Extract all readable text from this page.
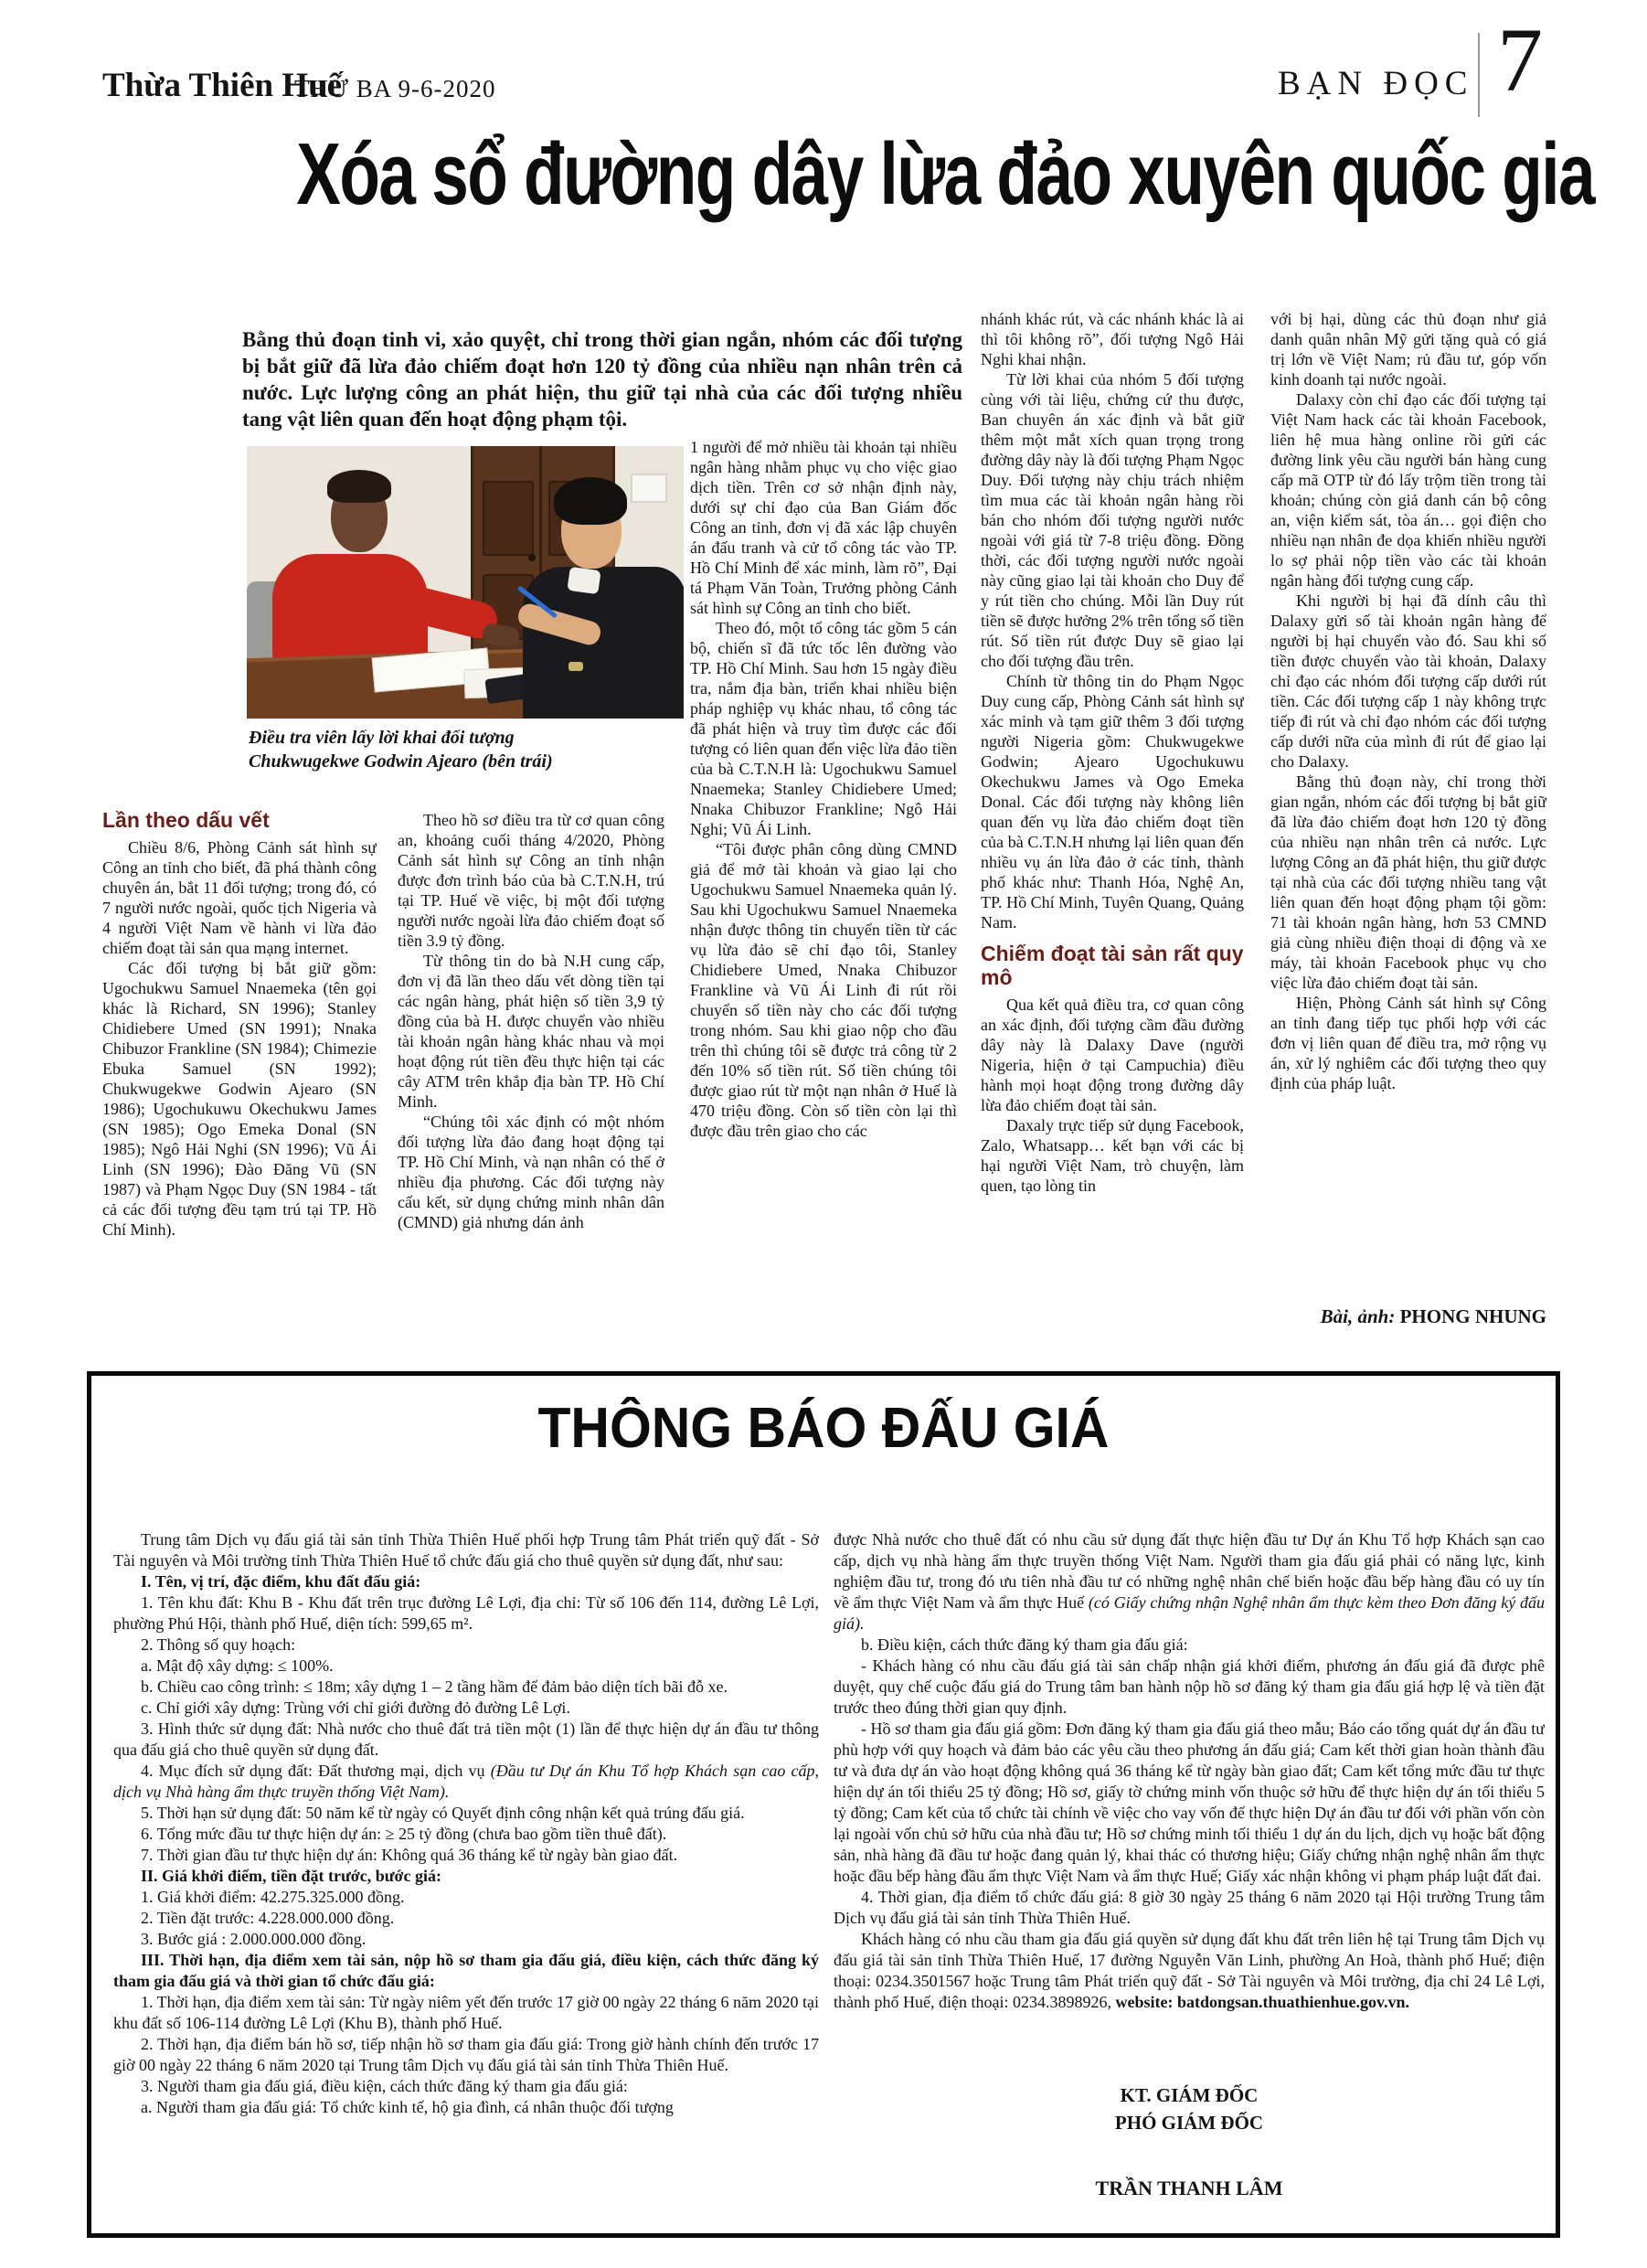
Thừa Thiên Huế
THỨ BA 9-6-2020	BẠN ĐỌC 7
Xóa sổ đường dây lừa đảo xuyên quốc gia

Bằng thủ đoạn tinh vi, xảo quyệt, chỉ trong thời gian ngắn, nhóm các đối tượng bị bắt giữ đã lừa đảo chiếm đoạt hơn 120 tỷ đồng của nhiều nạn nhân trên cả nước. Lực lượng công an phát hiện, thu giữ tại nhà của các đối tượng nhiều tang vật liên quan đến hoạt động phạm tội.

Điều tra viên lấy lời khai đối tượng
Chukwugekwe Godwin Ajearo (bên trái)
Lần theo dấu vết

Chiều 8/6, Phòng Cảnh sát hình sự Công an tỉnh cho biết, đã phá thành công chuyên án, bắt 11 đối tượng; trong đó, có 7 người nước ngoài, quốc tịch Nigeria và 4 người Việt Nam về hành vi lừa đảo chiếm đoạt tài sản qua mạng internet.

Các đối tượng bị bắt giữ gồm: Ugochukwu Samuel Nnaemeka (tên gọi khác là Richard, SN 1996); Stanley Chidiebere Umed (SN 1991); Nnaka Chibuzor Frankline (SN 1984); Chimezie Ebuka Samuel (SN 1992); Chukwugekwe Godwin Ajearo (SN 1986); Ugochukuwu Okechukwu James (SN 1985); Ogo Emeka Donal (SN 1985); Ngô Hải Nghi (SN 1996); Vũ Ái Linh (SN 1996); Đào Đăng Vũ (SN 1987) và Phạm Ngọc Duy (SN 1984 - tất cả các đối tượng đều tạm trú tại TP. Hồ Chí Minh).

Theo hồ sơ điều tra từ cơ quan công an, khoảng cuối tháng 4/2020, Phòng Cảnh sát hình sự Công an tỉnh nhận được đơn trình báo của bà C.T.N.H, trú tại TP. Huế về việc, bị một đối tượng người nước ngoài lừa đảo chiếm đoạt số tiền 3.9 tỷ đồng.

Từ thông tin do bà N.H cung cấp, đơn vị đã lần theo dấu vết dòng tiền tại các ngân hàng, phát hiện số tiền 3,9 tỷ đồng của bà H. được chuyển vào nhiều tài khoản ngân hàng khác nhau và mọi hoạt động rút tiền đều thực hiện tại các cây ATM trên khắp địa bàn TP. Hồ Chí Minh.

“Chúng tôi xác định có một nhóm đối tượng lừa đảo đang hoạt động tại TP. Hồ Chí Minh, và nạn nhân có thể ở nhiều địa phương. Các đối tượng này cấu kết, sử dụng chứng minh nhân dân (CMND) giả nhưng dán ảnh

1 người để mở nhiều tài khoản tại nhiều ngân hàng nhằm phục vụ cho việc giao dịch tiền. Trên cơ sở nhận định này, dưới sự chỉ đạo của Ban Giám đốc Công an tỉnh, đơn vị đã xác lập chuyên án đấu tranh và cử tổ công tác vào TP. Hồ Chí Minh để xác minh, làm rõ”, Đại tá Phạm Văn Toàn, Trưởng phòng Cảnh sát hình sự Công an tỉnh cho biết.

Theo đó, một tổ công tác gồm 5 cán bộ, chiến sĩ đã tức tốc lên đường vào TP. Hồ Chí Minh. Sau hơn 15 ngày điều tra, nắm địa bàn, triển khai nhiều biện pháp nghiệp vụ khác nhau, tổ công tác đã phát hiện và truy tìm được các đối tượng có liên quan đến việc lừa đảo tiền của bà C.T.N.H là: Ugochukwu Samuel Nnaemeka; Stanley Chidiebere Umed; Nnaka Chibuzor Frankline; Ngô Hải Nghi; Vũ Ái Linh.

“Tôi được phân công dùng CMND giả để mở tài khoản và giao lại cho Ugochukwu Samuel Nnaemeka quản lý. Sau khi Ugochukwu Samuel Nnaemeka nhận được thông tin chuyển tiền từ các vụ lừa đảo sẽ chỉ đạo tôi, Stanley Chidiebere Umed, Nnaka Chibuzor Frankline và Vũ Ái Linh đi rút rồi chuyển số tiền này cho các đối tượng trong nhóm. Sau khi giao nộp cho đầu trên thì chúng tôi sẽ được trả công từ 2 đến 10% số tiền rút. Số tiền chúng tôi được giao rút từ một nạn nhân ở Huế là 470 triệu đồng. Còn số tiền còn lại thì được đầu trên giao cho các

nhánh khác rút, và các nhánh khác là ai thì tôi không rõ”, đối tượng Ngô Hải Nghi khai nhận.

Từ lời khai của nhóm 5 đối tượng cùng với tài liệu, chứng cứ thu được, Ban chuyên án xác định và bắt giữ thêm một mắt xích quan trọng trong đường dây này là đối tượng Phạm Ngọc Duy. Đối tượng này chịu trách nhiệm tìm mua các tài khoản ngân hàng rồi bán cho nhóm đối tượng người nước ngoài với giá từ 7-8 triệu đồng. Đồng thời, các đối tượng người nước ngoài này cũng giao lại tài khoản cho Duy để y rút tiền cho chúng. Mỗi lần Duy rút tiền sẽ được hưởng 2% trên tổng số tiền rút. Số tiền rút được Duy sẽ giao lại cho đối tượng đầu trên.

Chính từ thông tin do Phạm Ngọc Duy cung cấp, Phòng Cảnh sát hình sự xác minh và tạm giữ thêm 3 đối tượng người Nigeria gồm: Chukwugekwe Godwin; Ajearo Ugochukuwu Okechukwu James và Ogo Emeka Donal. Các đối tượng này không liên quan đến vụ lừa đảo chiếm đoạt tiền của bà C.T.N.H nhưng lại liên quan đến nhiều vụ án lừa đảo ở các tỉnh, thành phố khác như: Thanh Hóa, Nghệ An, TP. Hồ Chí Minh, Tuyên Quang, Quảng Nam.

Chiếm đoạt tài sản rất quy mô

Qua kết quả điều tra, cơ quan công an xác định, đối tượng cầm đầu đường dây này là Dalaxy Dave (người Nigeria, hiện ở tại Campuchia) điều hành mọi hoạt động trong đường dây lừa đảo chiếm đoạt tài sản.

Daxaly trực tiếp sử dụng Facebook, Zalo, Whatsapp… kết bạn với các bị hại người Việt Nam, trò chuyện, làm quen, tạo lòng tin

với bị hại, dùng các thủ đoạn như giả danh quân nhân Mỹ gửi tặng quà có giá trị lớn về Việt Nam; rủ đầu tư, góp vốn kinh doanh tại nước ngoài.

Dalaxy còn chỉ đạo các đối tượng tại Việt Nam hack các tài khoản Facebook, liên hệ mua hàng online rồi gửi các đường link yêu cầu người bán hàng cung cấp mã OTP từ đó lấy trộm tiền trong tài khoản; chúng còn giả danh cán bộ công an, viện kiểm sát, tòa án… gọi điện cho nhiều nạn nhân đe dọa khiến nhiều người lo sợ phải nộp tiền vào các tài khoản ngân hàng đối tượng cung cấp.

Khi người bị hại đã dính câu thì Dalaxy gửi số tài khoản ngân hàng để người bị hại chuyển vào đó. Sau khi số tiền được chuyển vào tài khoản, Dalaxy chỉ đạo các nhóm đối tượng cấp dưới rút tiền. Các đối tượng cấp 1 này không trực tiếp đi rút và chỉ đạo nhóm các đối tượng cấp dưới nữa của mình đi rút để giao lại cho Dalaxy.

Bằng thủ đoạn này, chỉ trong thời gian ngắn, nhóm các đối tượng bị bắt giữ đã lừa đảo chiếm đoạt hơn 120 tỷ đồng của nhiều nạn nhân trên cả nước. Lực lượng Công an đã phát hiện, thu giữ được tại nhà của các đối tượng nhiều tang vật liên quan đến hoạt động phạm tội gồm: 71 tài khoản ngân hàng, hơn 53 CMND giả cùng nhiều điện thoại di động và xe máy, tài khoản Facebook phục vụ cho việc lừa đảo chiếm đoạt tài sản.

Hiện, Phòng Cảnh sát hình sự Công an tỉnh đang tiếp tục phối hợp với các đơn vị liên quan để điều tra, mở rộng vụ án, xử lý nghiêm các đối tượng theo quy định của pháp luật.

Bài, ảnh: PHONG NHUNG
THÔNG BÁO ĐẤU GIÁ

Trung tâm Dịch vụ đấu giá tài sản tỉnh Thừa Thiên Huế phối hợp Trung tâm Phát triển quỹ đất - Sở Tài nguyên và Môi trường tỉnh Thừa Thiên Huế tổ chức đấu giá cho thuê quyền sử dụng đất, như sau:

I. Tên, vị trí, đặc điểm, khu đất đấu giá:

1. Tên khu đất: Khu B - Khu đất trên trục đường Lê Lợi, địa chỉ: Từ số 106 đến 114, đường Lê Lợi, phường Phú Hội, thành phố Huế, diện tích: 599,65 m².

2. Thông số quy hoạch:

a. Mật độ xây dựng: ≤ 100%.

b. Chiều cao công trình: ≤ 18m; xây dựng 1 – 2 tầng hầm để đảm bảo diện tích bãi đỗ xe.

c. Chỉ giới xây dựng: Trùng với chỉ giới đường đỏ đường Lê Lợi.

3. Hình thức sử dụng đất: Nhà nước cho thuê đất trả tiền một (1) lần để thực hiện dự án đầu tư thông qua đấu giá cho thuê quyền sử dụng đất.

4. Mục đích sử dụng đất: Đất thương mại, dịch vụ (Đầu tư Dự án Khu Tổ hợp Khách sạn cao cấp, dịch vụ Nhà hàng ẩm thực truyền thống Việt Nam).

5. Thời hạn sử dụng đất: 50 năm kể từ ngày có Quyết định công nhận kết quả trúng đấu giá.

6. Tổng mức đầu tư thực hiện dự án: ≥ 25 tỷ đồng (chưa bao gồm tiền thuê đất).

7. Thời gian đầu tư thực hiện dự án: Không quá 36 tháng kể từ ngày bàn giao đất.

II. Giá khởi điểm, tiền đặt trước, bước giá:

1. Giá khởi điểm: 42.275.325.000 đồng.

2. Tiền đặt trước: 4.228.000.000 đồng.

3. Bước giá : 2.000.000.000 đồng.

III. Thời hạn, địa điểm xem tài sản, nộp hồ sơ tham gia đấu giá, điều kiện, cách thức đăng ký tham gia đấu giá và thời gian tổ chức đấu giá:

1. Thời hạn, địa điểm xem tài sản: Từ ngày niêm yết đến trước 17 giờ 00 ngày 22 tháng 6 năm 2020 tại khu đất số 106-114 đường Lê Lợi (Khu B), thành phố Huế.

2. Thời hạn, địa điểm bán hồ sơ, tiếp nhận hồ sơ tham gia đấu giá: Trong giờ hành chính đến trước 17 giờ 00 ngày 22 tháng 6 năm 2020 tại Trung tâm Dịch vụ đấu giá tài sản tỉnh Thừa Thiên Huế.

3. Người tham gia đấu giá, điều kiện, cách thức đăng ký tham gia đấu giá:

a. Người tham gia đấu giá: Tổ chức kinh tế, hộ gia đình, cá nhân thuộc đối tượng

được Nhà nước cho thuê đất có nhu cầu sử dụng đất thực hiện đầu tư Dự án Khu Tổ hợp Khách sạn cao cấp, dịch vụ nhà hàng ẩm thực truyền thống Việt Nam. Người tham gia đấu giá phải có năng lực, kinh nghiệm đầu tư, trong đó ưu tiên nhà đầu tư có những nghệ nhân chế biến hoặc đầu bếp hàng đầu có uy tín về ẩm thực Việt Nam và ẩm thực Huế (có Giấy chứng nhận Nghệ nhân ẩm thực kèm theo Đơn đăng ký đấu giá).

b. Điều kiện, cách thức đăng ký tham gia đấu giá:

- Khách hàng có nhu cầu đấu giá tài sản chấp nhận giá khởi điểm, phương án đấu giá đã được phê duyệt, quy chế cuộc đấu giá do Trung tâm ban hành nộp hồ sơ đăng ký tham gia đấu giá hợp lệ và tiền đặt trước theo đúng thời gian quy định.

- Hồ sơ tham gia đấu giá gồm: Đơn đăng ký tham gia đấu giá theo mẫu; Báo cáo tổng quát dự án đầu tư phù hợp với quy hoạch và đảm bảo các yêu cầu theo phương án đấu giá; Cam kết thời gian hoàn thành đầu tư và đưa dự án vào hoạt động không quá 36 tháng kể từ ngày bàn giao đất; Cam kết tổng mức đầu tư thực hiện dự án tối thiểu 25 tỷ đồng; Hồ sơ, giấy tờ chứng minh vốn thuộc sở hữu để thực hiện dự án tối thiểu 5 tỷ đồng; Cam kết của tổ chức tài chính về việc cho vay vốn để thực hiện Dự án đầu tư đối với phần vốn còn lại ngoài vốn chủ sở hữu của nhà đầu tư; Hồ sơ chứng minh tối thiểu 1 dự án du lịch, dịch vụ hoặc bất động sản, nhà hàng đã đầu tư hoặc đang quản lý, khai thác có thương hiệu; Giấy chứng nhận nghệ nhân ẩm thực hoặc đầu bếp hàng đầu ẩm thực Việt Nam và ẩm thực Huế; Giấy xác nhận không vi phạm pháp luật đất đai.

4. Thời gian, địa điểm tổ chức đấu giá: 8 giờ 30 ngày 25 tháng 6 năm 2020 tại Hội trường Trung tâm Dịch vụ đấu giá tài sản tỉnh Thừa Thiên Huế.

Khách hàng có nhu cầu tham gia đấu giá quyền sử dụng đất khu đất trên liên hệ tại Trung tâm Dịch vụ đấu giá tài sản tỉnh Thừa Thiên Huế, 17 đường Nguyễn Văn Linh, phường An Hoà, thành phố Huế; điện thoại: 0234.3501567 hoặc Trung tâm Phát triển quỹ đất - Sở Tài nguyên và Môi trường, địa chỉ 24 Lê Lợi, thành phố Huế, điện thoại: 0234.3898926, website: batdongsan.thuathienhue.gov.vn.

KT. GIÁM ĐỐC
PHÓ GIÁM ĐỐC
TRẦN THANH LÂM
